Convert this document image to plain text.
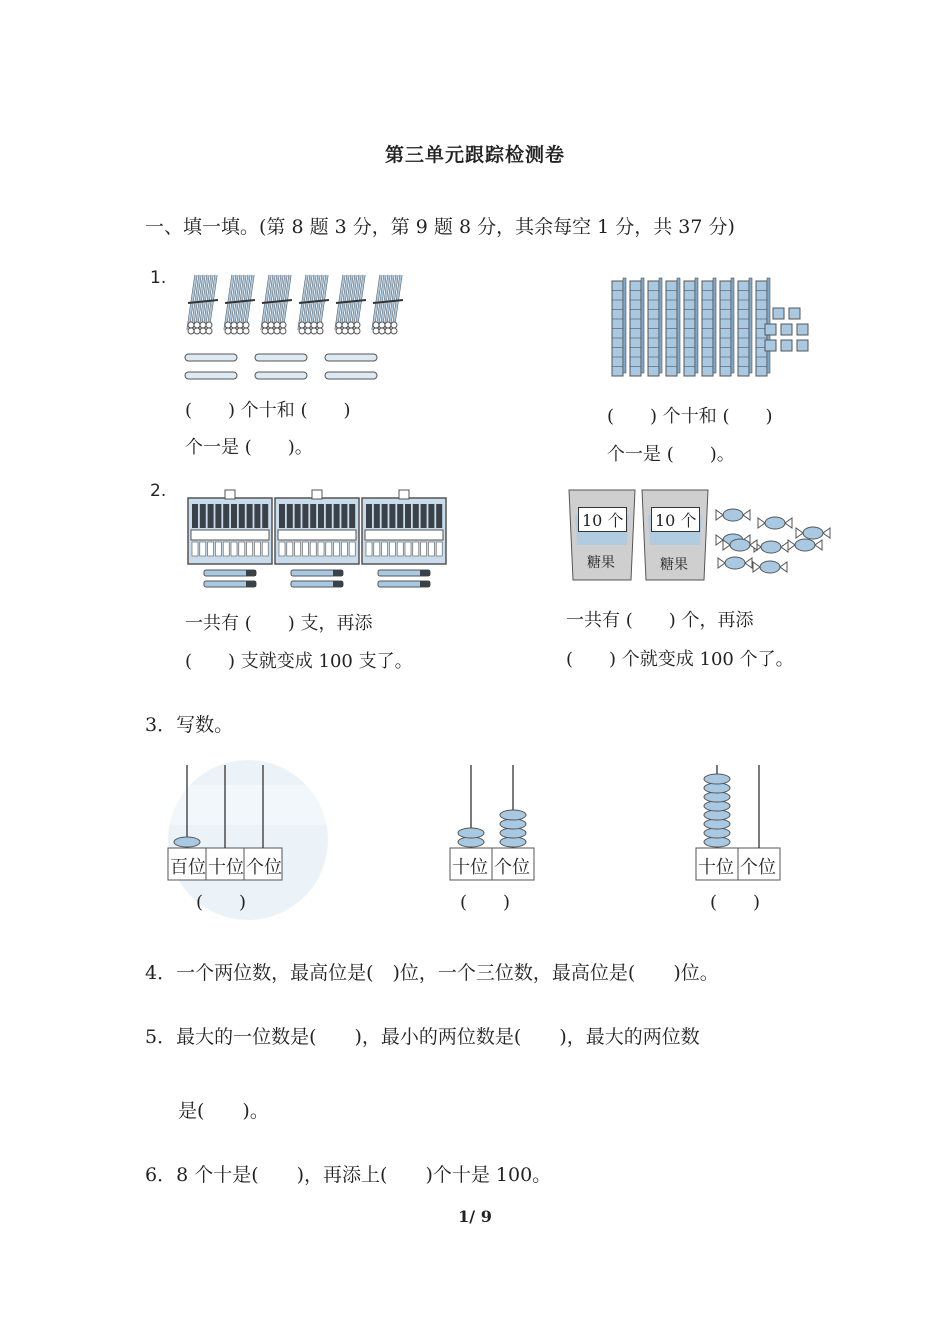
第三单元跟踪检测卷
一、填一填。(第 8 题 3 分，第 9 题 8 分，其余每空 1 分，共 37 分)
1.
(　　) 个十和 (　　)
个一是 (　　)。
(　　) 个十和 (　　)
个一是 (　　)。
2.
一共有 (　　) 支，再添
(　　) 支就变成 100 支了。
10 个 10 个
糖果	糖果
一共有 (　　) 个，再添
(　　) 个就变成 100 个了。
3．写数。
百位 十位 个位
(　　)
十位 个位
(　　)
十位 个位
(　　)
4．一个两位数，最高位是(　)位，一个三位数，最高位是(　　)位。
5．最大的一位数是(　　)，最小的两位数是(　　)，最大的两位数
是(　　)。
6．8 个十是(　　)，再添上(　　)个十是 100。
1/ 9
